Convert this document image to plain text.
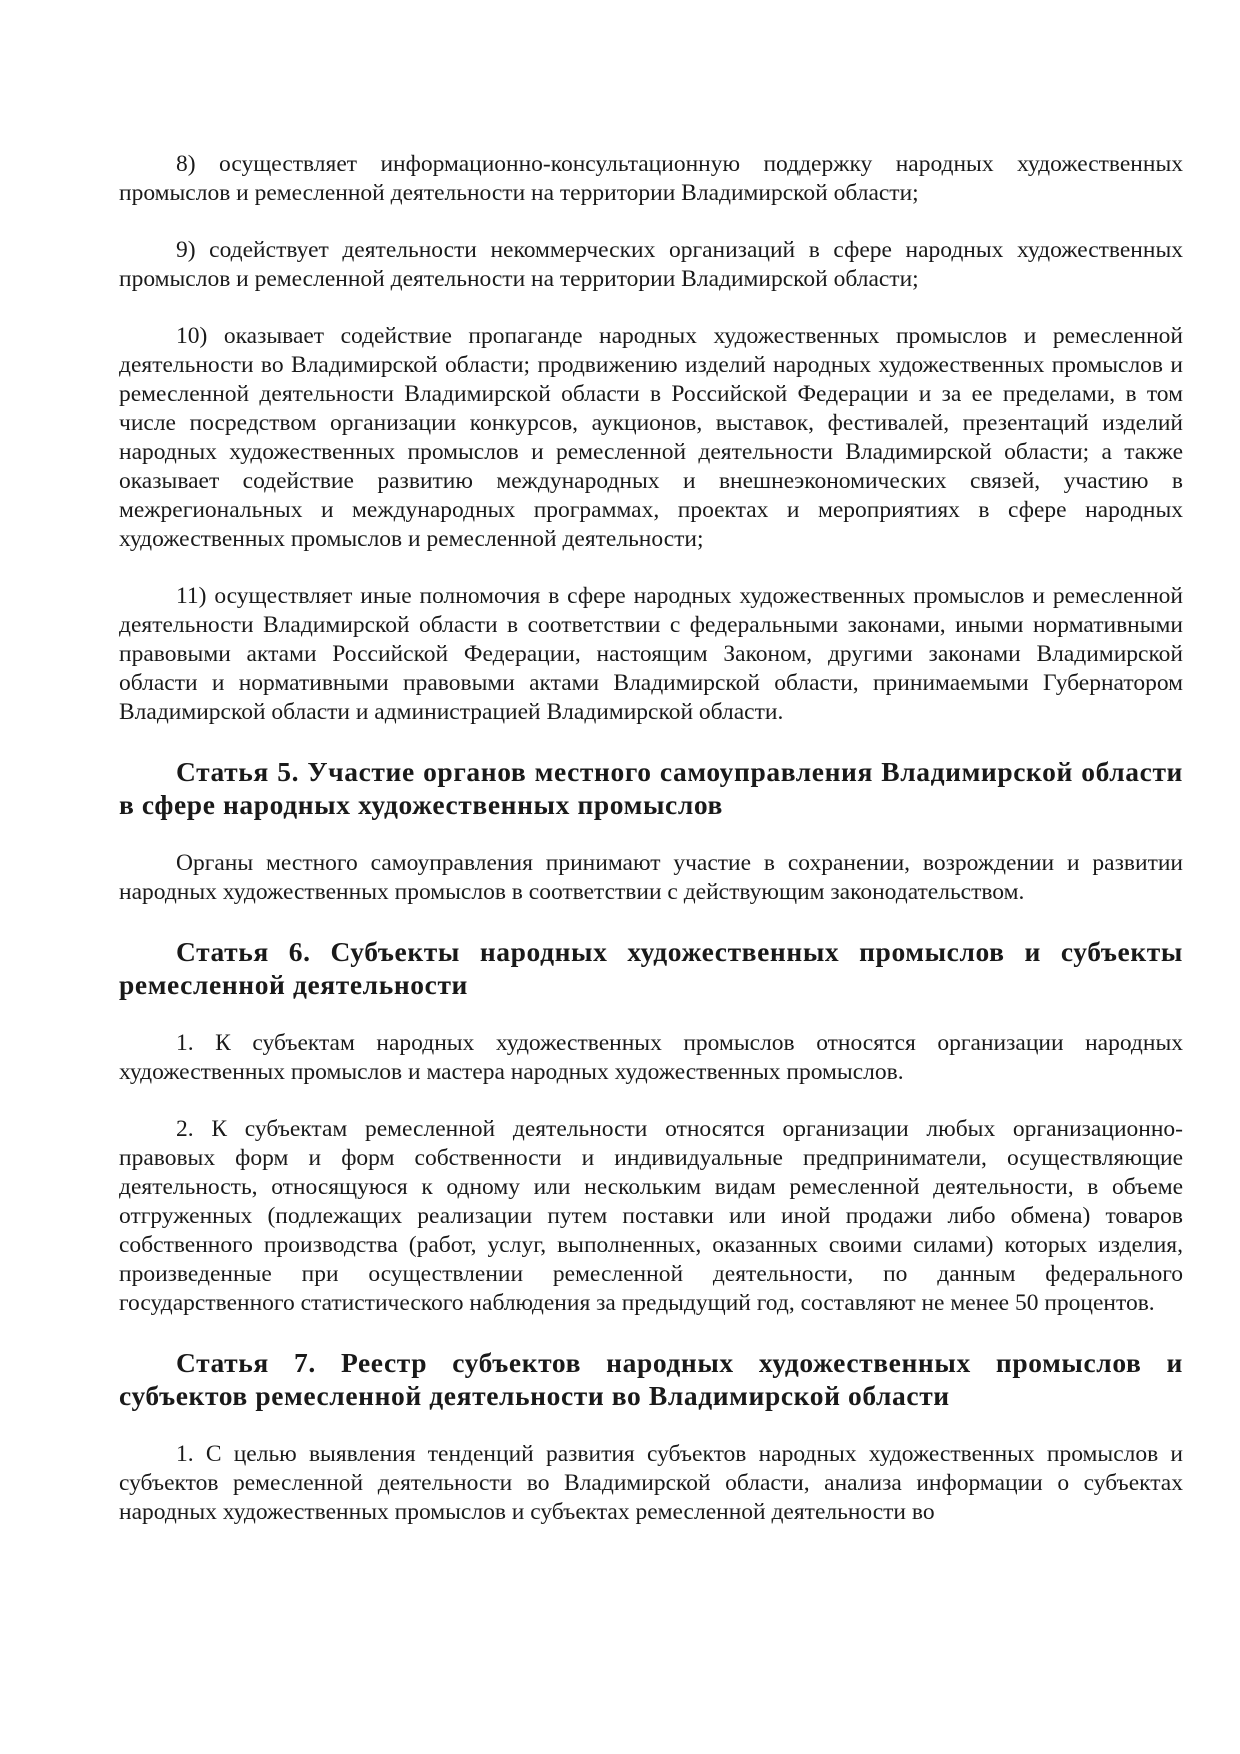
8) осуществляет информационно-консультационную поддержку народных художественных промыслов и ремесленной деятельности на территории Владимирской области;

9) содействует деятельности некоммерческих организаций в сфере народных художественных промыслов и ремесленной деятельности на территории Владимирской области;

10) оказывает содействие пропаганде народных художественных промыслов и ремесленной деятельности во Владимирской области; продвижению изделий народных художественных промыслов и ремесленной деятельности Владимирской области в Российской Федерации и за ее пределами, в том числе посредством организации конкурсов, аукционов, выставок, фестивалей, презентаций изделий народных художественных промыслов и ремесленной деятельности Владимирской области; а также оказывает содействие развитию международных и внешнеэкономических связей, участию в межрегиональных и международных программах, проектах и мероприятиях в сфере народных художественных промыслов и ремесленной деятельности;

11) осуществляет иные полномочия в сфере народных художественных промыслов и ремесленной деятельности Владимирской области в соответствии с федеральными законами, иными нормативными правовыми актами Российской Федерации, настоящим Законом, другими законами Владимирской области и нормативными правовыми актами Владимирской области, принимаемыми Губернатором Владимирской области и администрацией Владимирской области.

Статья 5. Участие органов местного самоуправления Владимирской области в сфере народных художественных промыслов

Органы местного самоуправления принимают участие в сохранении, возрождении и развитии народных художественных промыслов в соответствии с действующим законодательством.

Статья 6. Субъекты народных художественных промыслов и субъекты ремесленной деятельности

1. К субъектам народных художественных промыслов относятся организации народных художественных промыслов и мастера народных художественных промыслов.

2. К субъектам ремесленной деятельности относятся организации любых организационно-правовых форм и форм собственности и индивидуальные предприниматели, осуществляющие деятельность, относящуюся к одному или нескольким видам ремесленной деятельности, в объеме отгруженных (подлежащих реализации путем поставки или иной продажи либо обмена) товаров собственного производства (работ, услуг, выполненных, оказанных своими силами) которых изделия, произведенные при осуществлении ремесленной деятельности, по данным федерального государственного статистического наблюдения за предыдущий год, составляют не менее 50 процентов.

Статья 7. Реестр субъектов народных художественных промыслов и субъектов ремесленной деятельности во Владимирской области

1. С целью выявления тенденций развития субъектов народных художественных промыслов и субъектов ремесленной деятельности во Владимирской области, анализа информации о субъектах народных художественных промыслов и субъектах ремесленной деятельности во
